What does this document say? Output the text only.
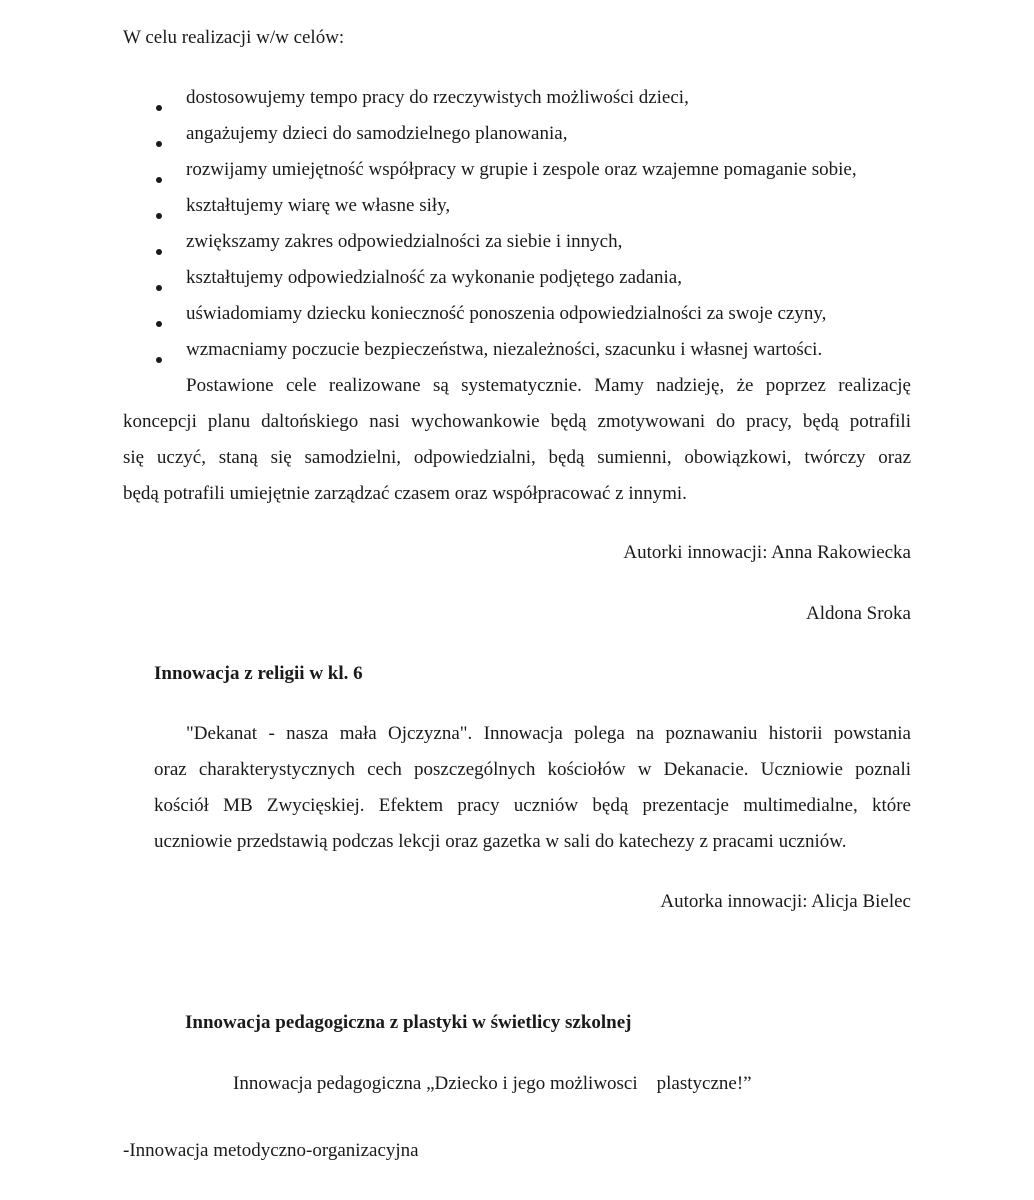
W celu realizacji w/w celów:
dostosowujemy tempo pracy do rzeczywistych możliwości dzieci,
angażujemy dzieci do samodzielnego planowania,
rozwijamy umiejętność współpracy w grupie i zespole oraz wzajemne pomaganie sobie,
kształtujemy wiarę we własne siły,
zwiększamy zakres odpowiedzialności za siebie i innych,
kształtujemy odpowiedzialność za wykonanie podjętego zadania,
uświadomiamy dziecku konieczność ponoszenia odpowiedzialności za swoje czyny,
wzmacniamy poczucie bezpieczeństwa, niezależności, szacunku i własnej wartości.
Postawione cele realizowane są systematycznie. Mamy nadzieję, że poprzez realizację
koncepcji planu daltońskiego nasi wychowankowie będą zmotywowani do pracy, będą potrafili
się uczyć, staną się samodzielni, odpowiedzialni, będą sumienni, obowiązkowi, twórczy oraz
będą potrafili umiejętnie zarządzać czasem oraz współpracować z innymi.
Autorki innowacji: Anna Rakowiecka
Aldona Sroka
Innowacja z religii w kl. 6
"Dekanat - nasza mała Ojczyzna". Innowacja polega na poznawaniu historii powstania
oraz charakterystycznych cech poszczególnych kościołów w Dekanacie. Uczniowie poznali
kościół MB Zwycięskiej. Efektem pracy uczniów będą prezentacje multimedialne, które
uczniowie przedstawią podczas lekcji oraz gazetka w sali do katechezy z pracami uczniów.
Autorka innowacji: Alicja Bielec
Innowacja pedagogiczna z plastyki w świetlicy szkolnej
Innowacja pedagogiczna „Dziecko i jego możliwosci    plastyczne!”
-Innowacja metodyczno-organizacyjna
